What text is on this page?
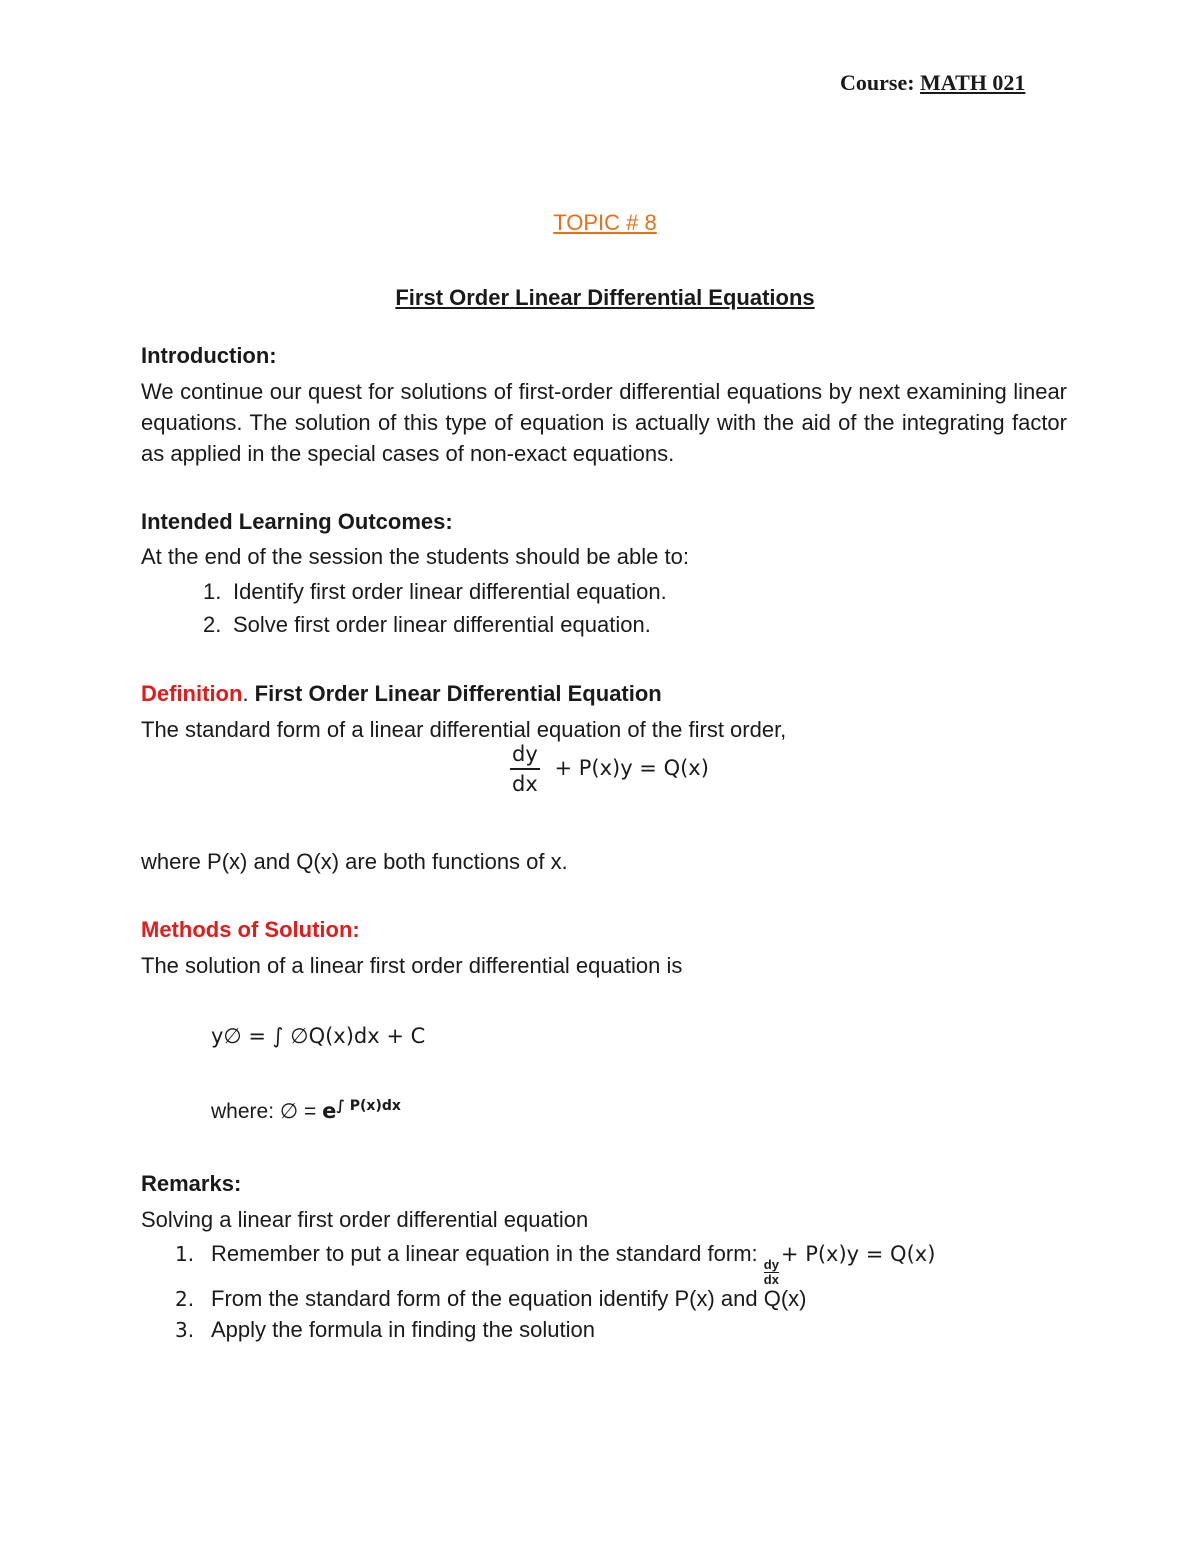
Course: MATH 021
TOPIC # 8
First Order Linear Differential Equations
Introduction:
We continue our quest for solutions of first-order differential equations by next examining linear equations. The solution of this type of equation is actually with the aid of the integrating factor as applied in the special cases of non-exact equations.
Intended Learning Outcomes:
At the end of the session the students should be able to:
1. Identify first order linear differential equation.
2. Solve first order linear differential equation.
Definition. First Order Linear Differential Equation
The standard form of a linear differential equation of the first order,
$\frac{dy}{dx} + P(x)y = Q(x)$
where P(x) and Q(x) are both functions of x.
Methods of Solution:
The solution of a linear first order differential equation is
y∅ = ∫ ∅Q(x)dx + C
where: ∅ = $e^{\int P(x)dx}$
Remarks:
Solving a linear first order differential equation
1. Remember to put a linear equation in the standard form:
$\frac{dy}{dx}$
+ P(x)y = Q(x)
2. From the standard form of the equation identify P(x) and Q(x)
3. Apply the formula in finding the solution
